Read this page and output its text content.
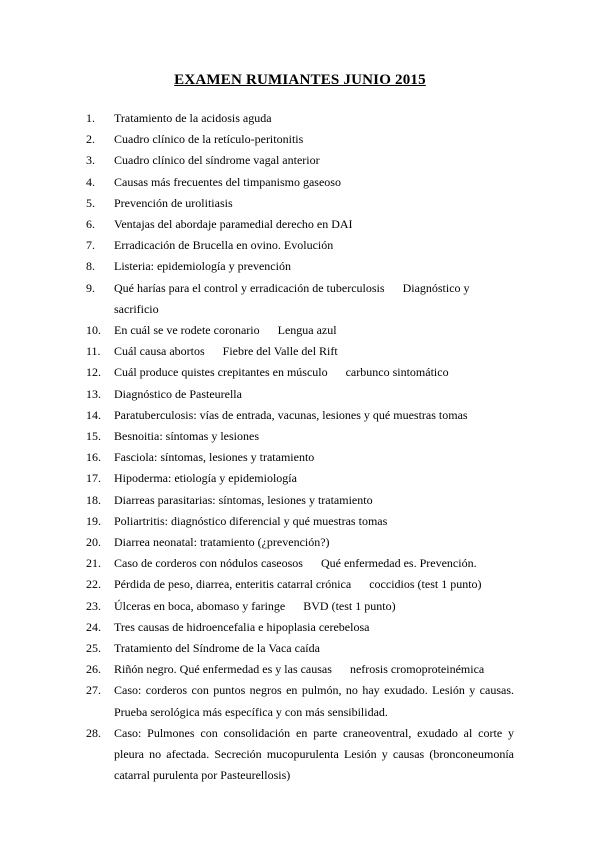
EXAMEN RUMIANTES JUNIO 2015
1. Tratamiento de la acidosis aguda
2. Cuadro clínico de la retículo-peritonitis
3. Cuadro clínico del síndrome vagal anterior
4. Causas más frecuentes del timpanismo gaseoso
5. Prevención de urolitiasis
6. Ventajas del abordaje paramedial derecho en DAI
7. Erradicación de Brucella en ovino. Evolución
8. Listeria: epidemiología y prevención
9. Qué harías para el control y erradicación de tuberculosis Diagnóstico y sacrificio
10. En cuál se ve rodete coronario Lengua azul
11. Cuál causa abortos Fiebre del Valle del Rift
12. Cuál produce quistes crepitantes en músculo carbunco sintomático
13. Diagnóstico de Pasteurella
14. Paratuberculosis: vías de entrada, vacunas, lesiones y qué muestras tomas
15. Besnoitia: síntomas y lesiones
16. Fasciola: síntomas, lesiones y tratamiento
17. Hipoderma: etiología y epidemiología
18. Diarreas parasitarias: síntomas, lesiones y tratamiento
19. Poliartritis: diagnóstico diferencial y qué muestras tomas
20. Diarrea neonatal: tratamiento (¿prevención?)
21. Caso de corderos con nódulos caseosos Qué enfermedad es. Prevención.
22. Pérdida de peso, diarrea, enteritis catarral crónica coccidios (test 1 punto)
23. Úlceras en boca, abomaso y faringe BVD (test 1 punto)
24. Tres causas de hidroencefalia e hipoplasia cerebelosa
25. Tratamiento del Síndrome de la Vaca caída
26. Riñón negro. Qué enfermedad es y las causas nefrosis cromoproteinémica
27. Caso: corderos con puntos negros en pulmón, no hay exudado. Lesión y causas.
Prueba serológica más específica y con más sensibilidad.
28. Caso: Pulmones con consolidación en parte craneoventral, exudado al corte y
pleura no afectada. Secreción mucopurulenta Lesión y causas (bronconeumonía
catarral purulenta por Pasteurellosis)
